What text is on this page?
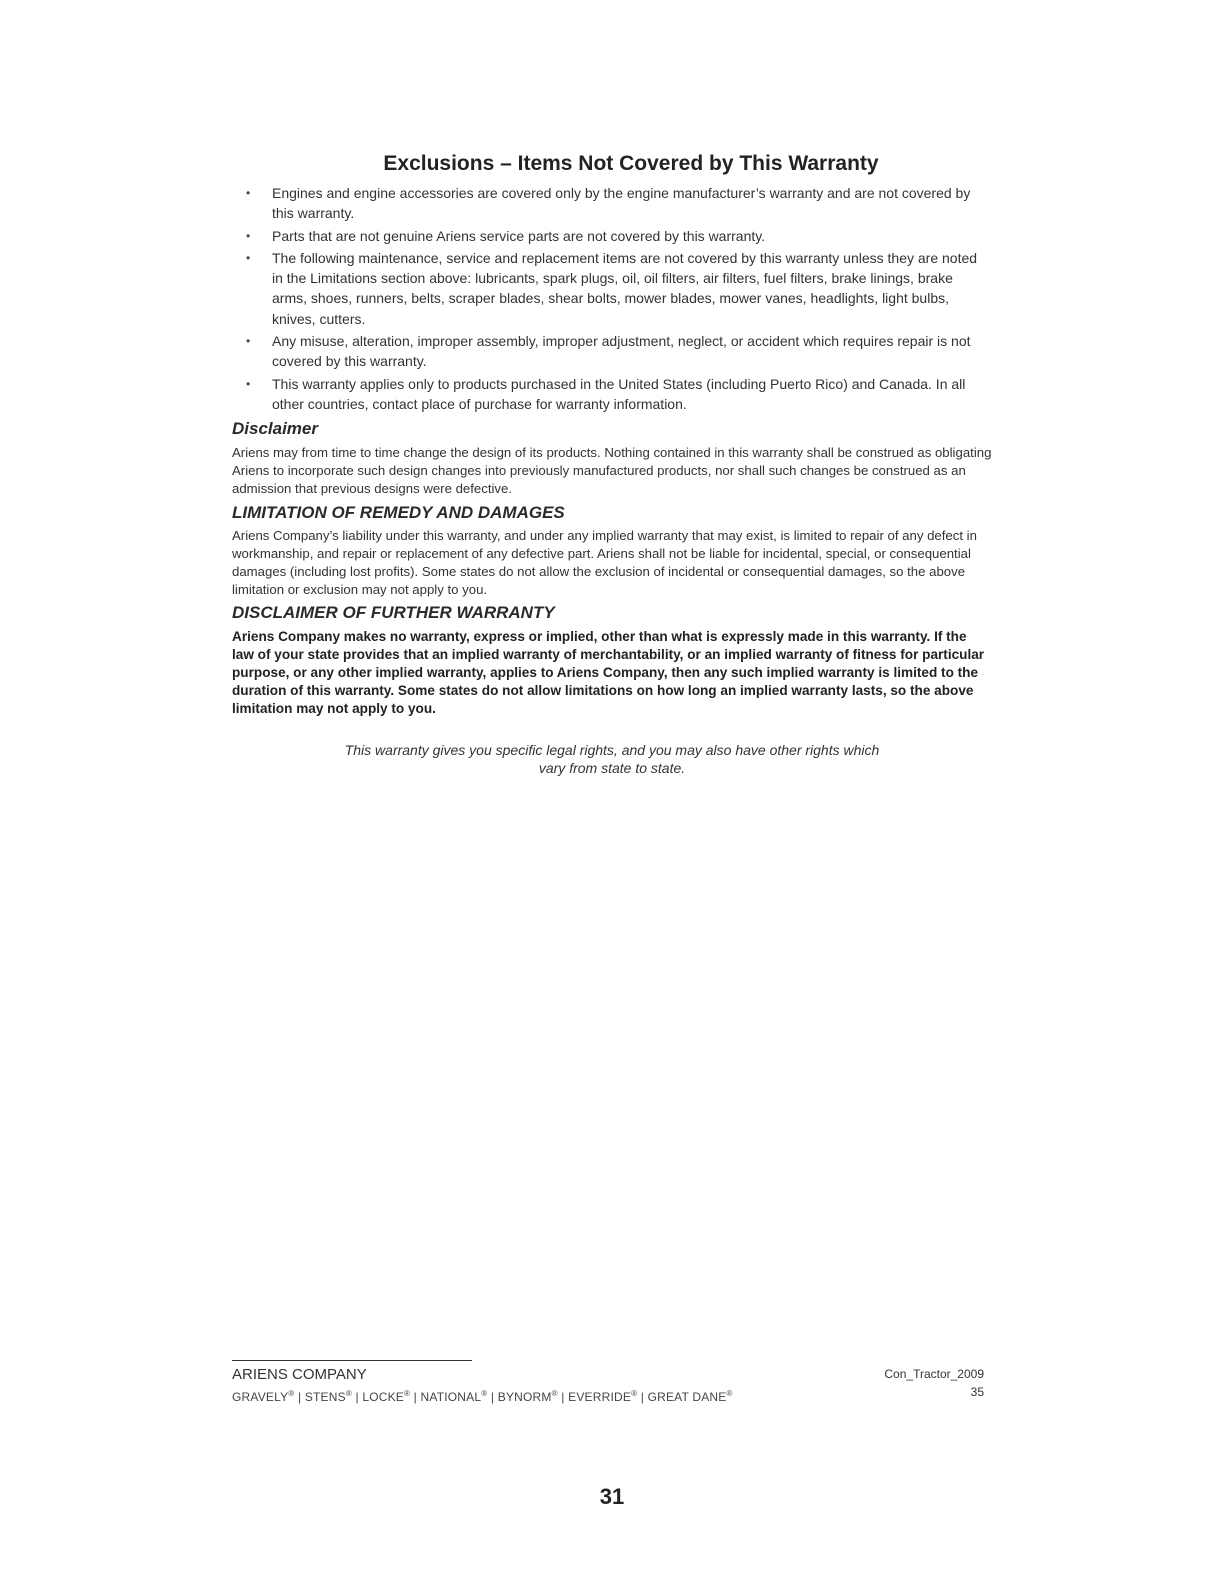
Exclusions – Items Not Covered by This Warranty
• Engines and engine accessories are covered only by the engine manufacturer’s warranty and are not covered by this warranty.
• Parts that are not genuine Ariens service parts are not covered by this warranty.
• The following maintenance, service and replacement items are not covered by this warranty unless they are noted in the Limitations section above: lubricants, spark plugs, oil, oil filters, air filters, fuel filters, brake linings, brake arms, shoes, runners, belts, scraper blades, shear bolts, mower blades, mower vanes, headlights, light bulbs, knives, cutters.
• Any misuse, alteration, improper assembly, improper adjustment, neglect, or accident which requires repair is not covered by this warranty.
• This warranty applies only to products purchased in the United States (including Puerto Rico) and Canada. In all other countries, contact place of purchase for warranty information.
Disclaimer

Ariens may from time to time change the design of its products. Nothing contained in this warranty shall be construed as obligating Ariens to incorporate such design changes into previously manufactured products, nor shall such changes be construed as an admission that previous designs were defective.

LIMITATION OF REMEDY AND DAMAGES

Ariens Company’s liability under this warranty, and under any implied warranty that may exist, is limited to repair of any defect in workmanship, and repair or replacement of any defective part. Ariens shall not be liable for incidental, special, or consequential damages (including lost profits). Some states do not allow the exclusion of incidental or consequential damages, so the above limitation or exclusion may not apply to you.

DISCLAIMER OF FURTHER WARRANTY

Ariens Company makes no warranty, express or implied, other than what is expressly made in this warranty. If the law of your state provides that an implied warranty of merchantability, or an implied warranty of fitness for particular purpose, or any other implied warranty, applies to Ariens Company, then any such implied warranty is limited to the duration of this warranty. Some states do not allow limitations on how long an implied warranty lasts, so the above limitation may not apply to you.

This warranty gives you specific legal rights, and you may also have other rights which
vary from state to state.

ARIENS COMPANY
GRAVELY® | STENS® | LOCKE® | NATIONAL® | BYNORM® | EVERRIDE® | GREAT DANE®
Con_Tractor_2009
35
31
